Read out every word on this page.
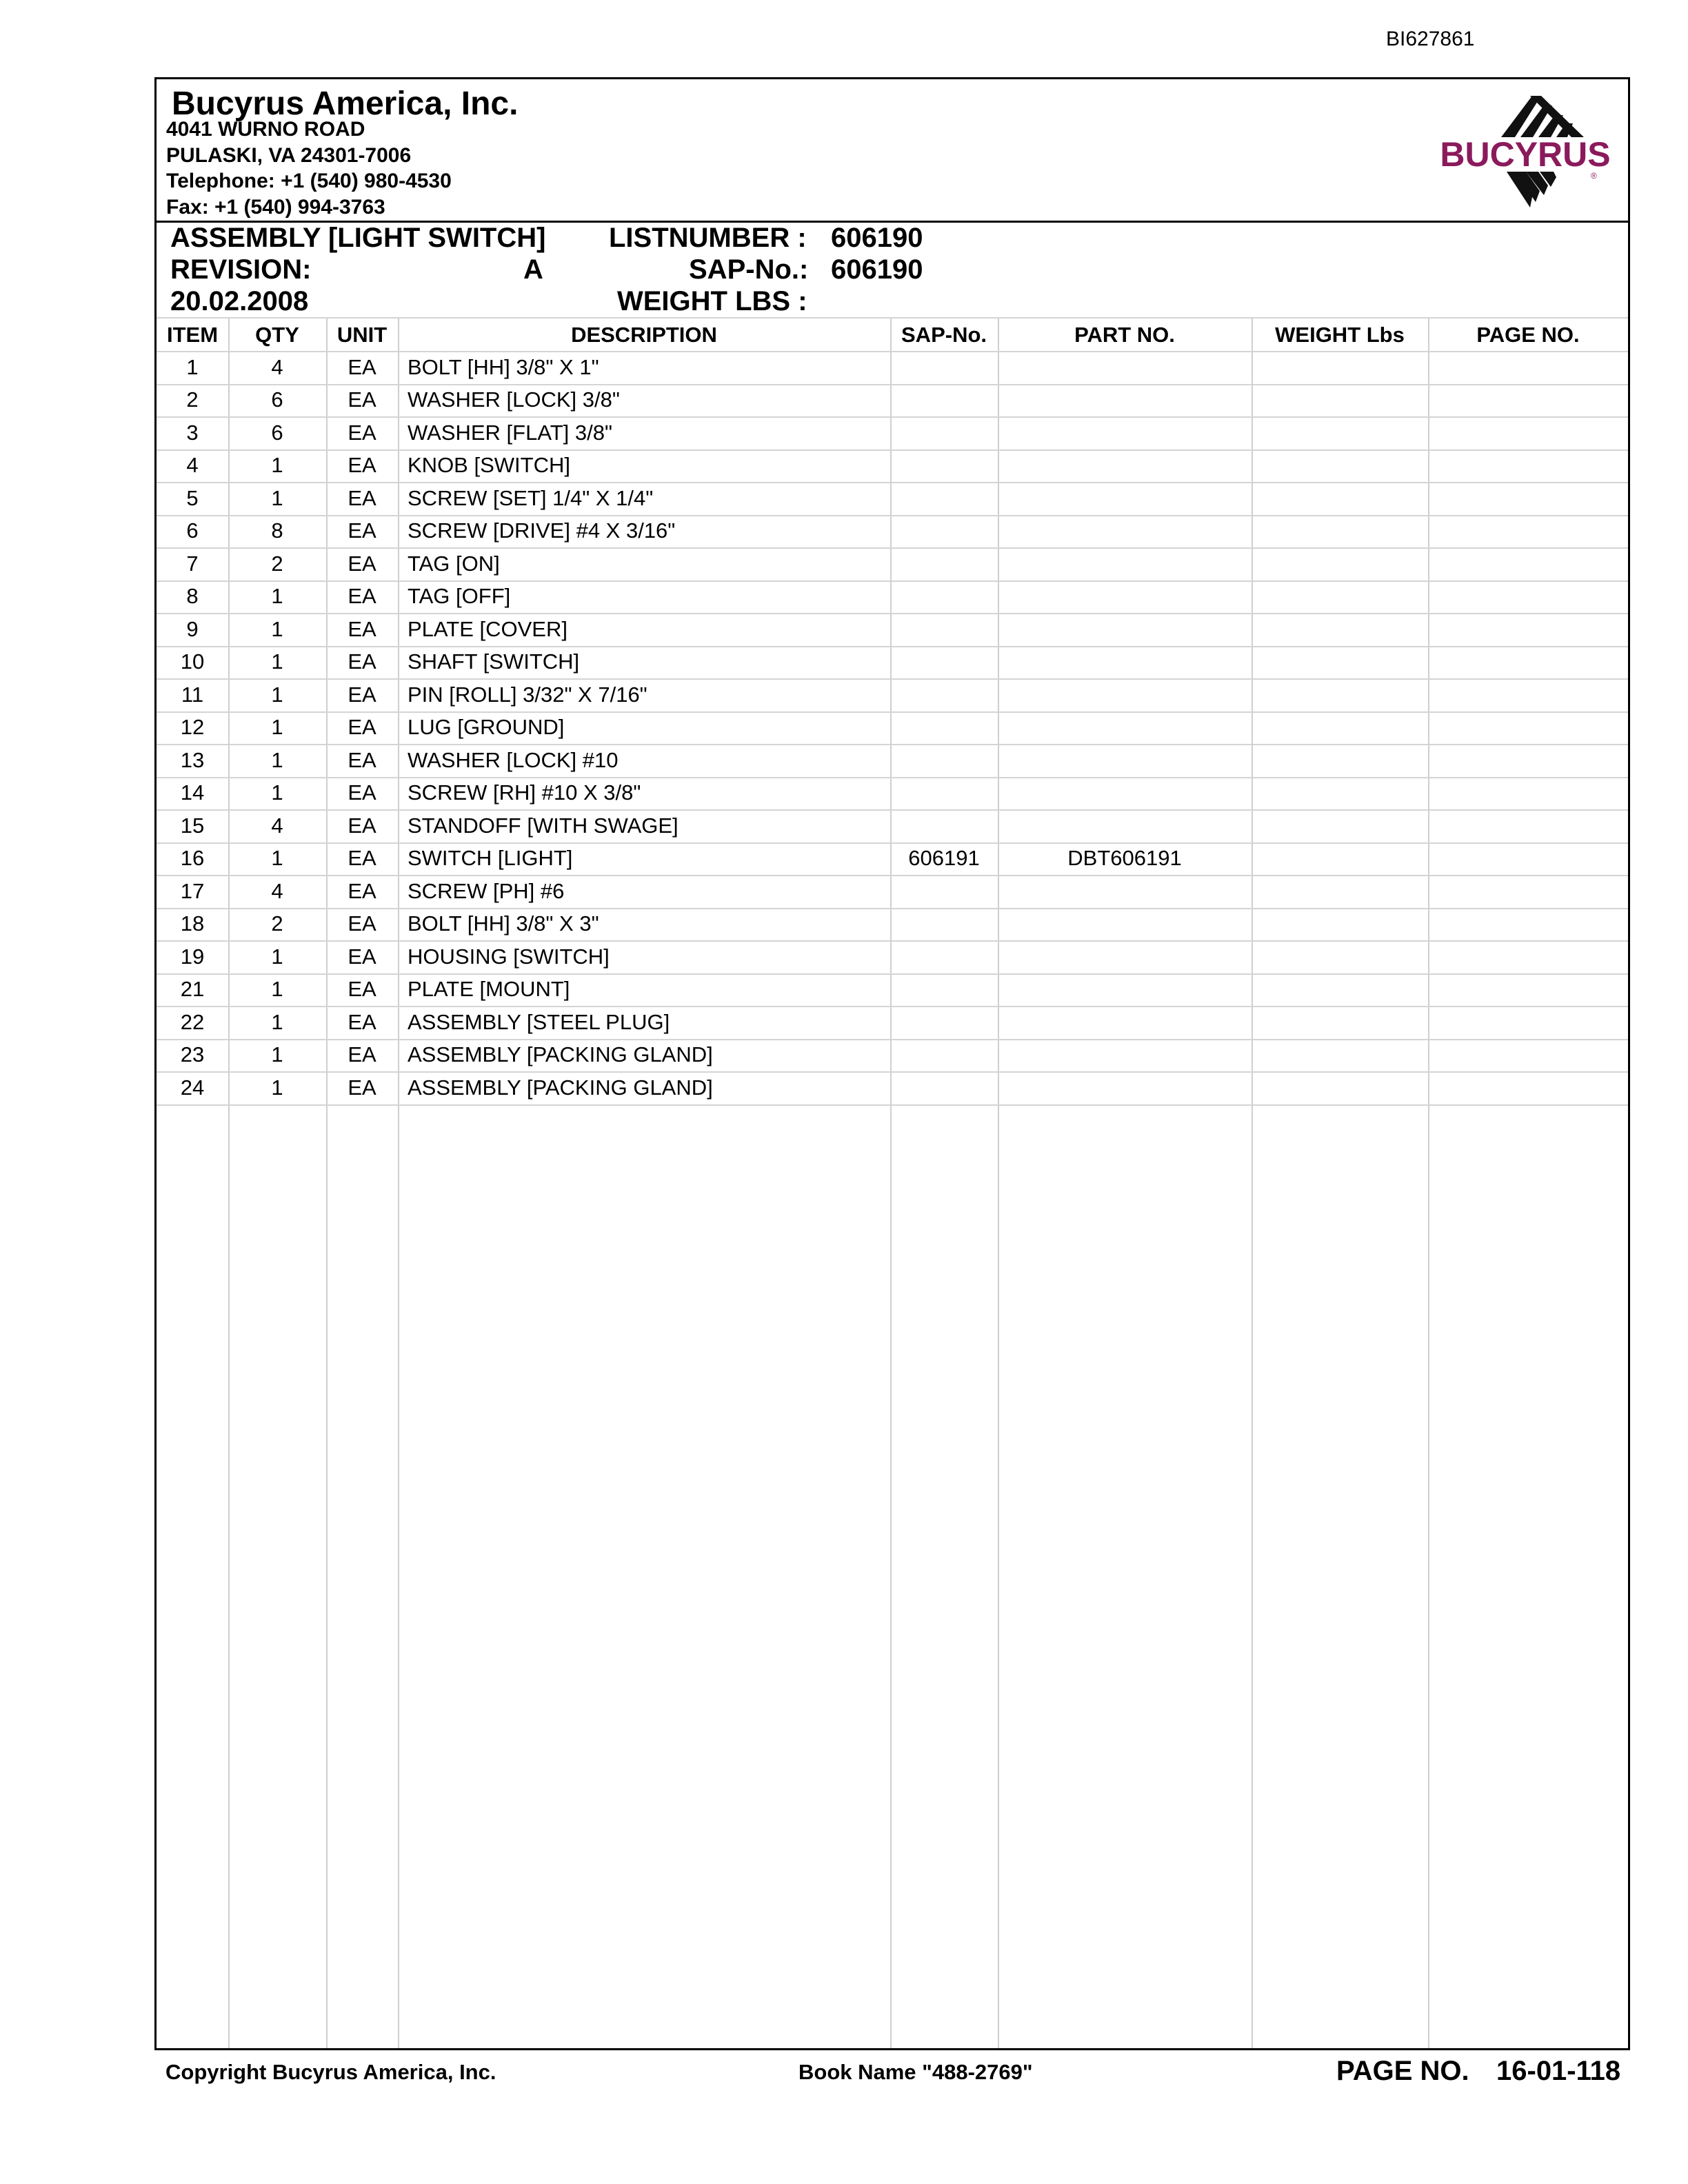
BI627861
Bucyrus America, Inc.
4041 WURNO ROAD
PULASKI, VA 24301-7006
Telephone: +1 (540) 980-4530
Fax: +1 (540) 994-3763
BUCYRUS
®
ASSEMBLY [LIGHT SWITCH] LISTNUMBER : 606190
REVISION:	A	SAP-No.: 606190
20.02.2008	WEIGHT LBS :
ITEM	QTY	UNIT	DESCRIPTION	SAP-No.	PART NO.	WEIGHT Lbs	PAGE NO.
1	4	EA	BOLT [HH] 3/8" X 1"
2	6	EA	WASHER [LOCK] 3/8"
3	6	EA	WASHER [FLAT] 3/8"
4	1	EA	KNOB [SWITCH]
5	1	EA	SCREW [SET] 1/4" X 1/4"
6	8	EA	SCREW [DRIVE] #4 X 3/16"
7	2	EA	TAG [ON]
8	1	EA	TAG [OFF]
9	1	EA	PLATE [COVER]
10	1	EA	SHAFT [SWITCH]
11	1	EA	PIN [ROLL] 3/32" X 7/16"
12	1	EA	LUG [GROUND]
13	1	EA	WASHER [LOCK] #10
14	1	EA	SCREW [RH] #10 X 3/8"
15	4	EA	STANDOFF [WITH SWAGE]
16	1	EA	SWITCH [LIGHT]	606191	DBT606191
17	4	EA	SCREW [PH] #6
18	2	EA	BOLT [HH] 3/8" X 3"
19	1	EA	HOUSING [SWITCH]
21	1	EA	PLATE [MOUNT]
22	1	EA	ASSEMBLY [STEEL PLUG]
23	1	EA	ASSEMBLY [PACKING GLAND]
24	1	EA	ASSEMBLY [PACKING GLAND]
Copyright Bucyrus America, Inc.	Book Name "488-2769"	PAGE NO. 16-01-118
